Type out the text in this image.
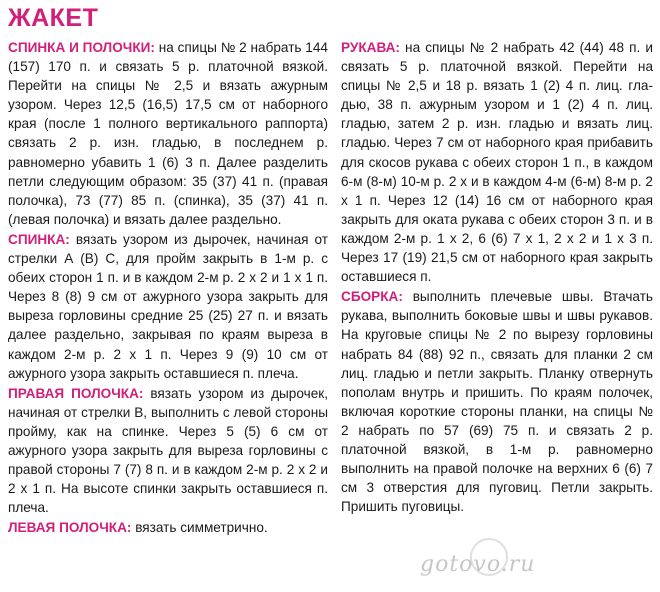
ЖАКЕТ

СПИНКА И ПОЛОЧКИ: на спицы № 2 набрать 144 (157) 170 п. и связать 5 р. платочной вязкой. Перейти на спицы № 2,5 и вязать ажурным узором. Через 12,5 (16,5) 17,5 см от наборного края (после 1 полного вертикального раппорта) связать 2 р. изн. гладью, в последнем р. равномерно убавить 1 (6) 3 п. Далее разделить петли следующим образом: 35 (37) 41 п. (правая полочка), 73 (77) 85 п. (спинка), 35 (37) 41 п. (левая полочка) и вязать далее раздельно.

СПИНКА: вязать узором из дырочек, начиная от стрелки А (В) С, для пройм закрыть в 1-м р. с обеих сторон 1 п. и в каждом 2-м р. 2 х 2 и 1 х 1 п. Через 8 (8) 9 см от ажурного узора закрыть для выреза горловины средние 25 (25) 27 п. и вязать далее раздельно, закрывая по краям выреза в каждом 2-м р. 2 х 1 п. Через 9 (9) 10 см от ажурного узора закрыть оставшиеся п. плеча.

ПРАВАЯ ПОЛОЧКА: вязать узором из дырочек, начиная от стрелки В, выполнить с левой стороны пройму, как на спинке. Через 5 (5) 6 см от ажурного узора закрыть для выреза горловины с правой стороны 7 (7) 8 п. и в каждом 2-м р. 2 х 2 и 2 х 1 п. На высоте спинки закрыть оставшиеся п. плеча.

ЛЕВАЯ ПОЛОЧКА: вязать симметрично.

РУКАВА: на спицы № 2 набрать 42 (44) 48 п. и связать 5 р. платочной вязкой. Перейти на спицы № 2,5 и 18 р. вязать 1 (2) 4 п. лиц. гладью, 38 п. ажурным узором и 1 (2) 4 п. лиц. гладью, затем 2 р. изн. гладью и вязать лиц. гладью. Через 7 см от наборного края прибавить для скосов рукава с обеих сторон 1 п., в каждом 6-м (8-м) 10-м р. 2 х и в каждом 4-м (6-м) 8-м р. 2 х 1 п. Через 12 (14) 16 см от наборного края закрыть для оката рукава с обеих сторон 3 п. и в каждом 2-м р. 1 х 2, 6 (6) 7 х 1, 2 х 2 и 1 х 3 п. Через 17 (19) 21,5 см от наборного края закрыть оставшиеся п.

СБОРКА: выполнить плечевые швы. Втачать рукава, выполнить боковые швы и швы рукавов. На круговые спицы № 2 по вырезу горловины набрать 84 (88) 92 п., связать для планки 2 см лиц. гладью и петли закрыть. Планку отвернуть пополам внутрь и пришить. По краям полочек, включая короткие стороны планки, на спицы № 2 набрать по 57 (69) 75 п. и связать 2 р. платочной вязкой, в 1-м р. равномерно выполнить на правой полочке на верхних 6 (6) 7 см 3 отверстия для пуговиц. Петли закрыть. Пришить пуговицы.

gotovo.ru
